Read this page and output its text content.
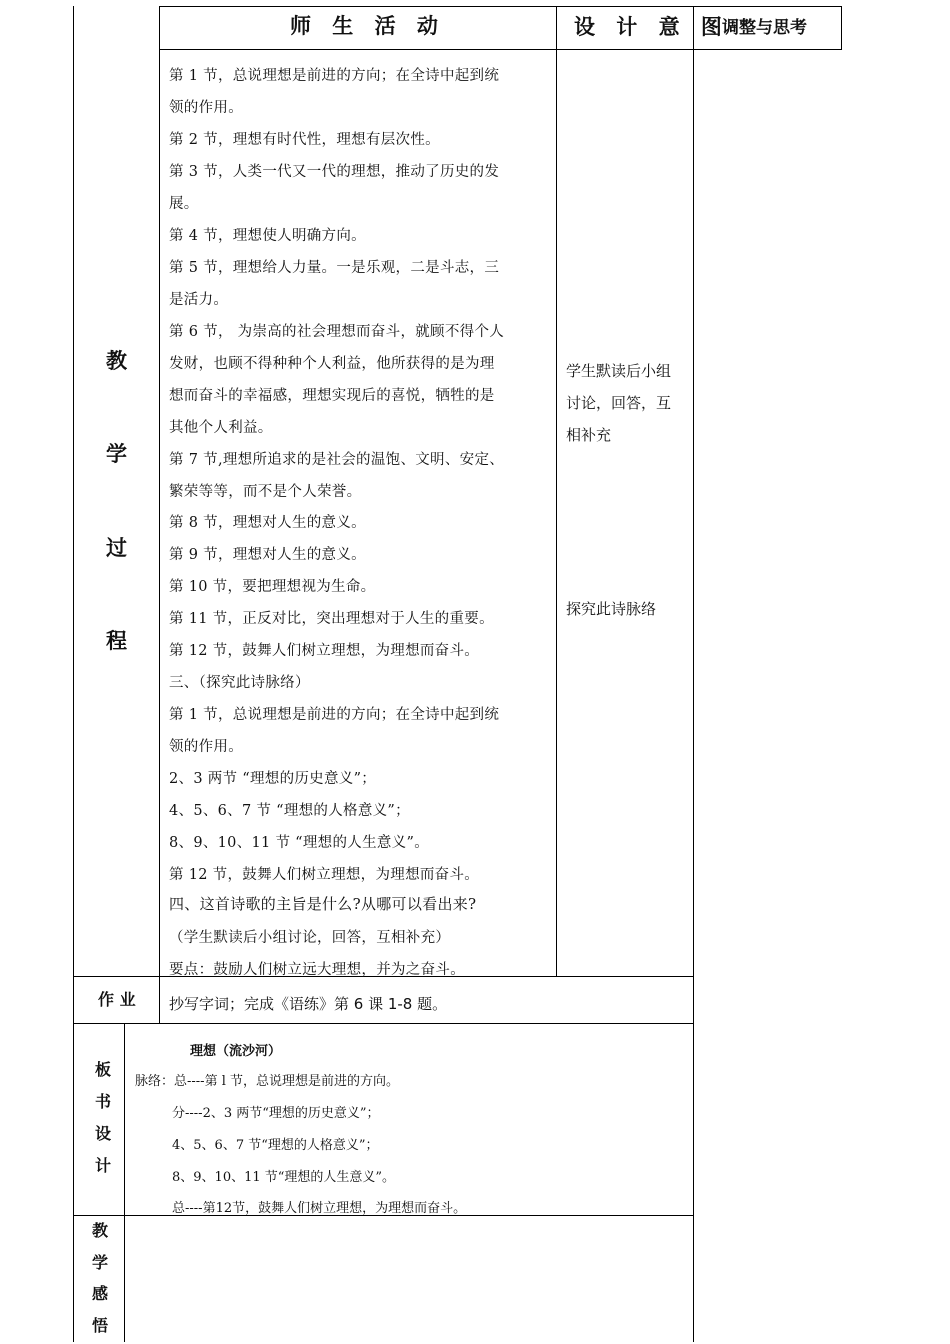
师 生 活 动	设 计 意 图
调整与思考
教
学
过
程
第 1 节，总说理想是前进的方向；在全诗中起到统
领的作用。
第 2 节，理想有时代性，理想有层次性。
第 3 节，人类一代又一代的理想，推动了历史的发
展。
第 4 节，理想使人明确方向。
第 5 节，理想给人力量。一是乐观，二是斗志，三
是活力。
第 6 节， 为崇高的社会理想而奋斗，就顾不得个人
发财，也顾不得种种个人利益，他所获得的是为理
想而奋斗的幸福感，理想实现后的喜悦，牺牲的是
其他个人利益。
第 7 节,理想所追求的是社会的温饱、文明、安定、
繁荣等等，而不是个人荣誉。
第 8 节，理想对人生的意义。
第 9 节，理想对人生的意义。
第 10 节，要把理想视为生命。
第 11 节，正反对比，突出理想对于人生的重要。
第 12 节，鼓舞人们树立理想，为理想而奋斗。
三、（探究此诗脉络）
第 1 节，总说理想是前进的方向；在全诗中起到统
领的作用。
2、3 两节 “理想的历史意义”；
4、5、6、7 节 “理想的人格意义”；
8、9、10、11 节 “理想的人生意义”。
第 12 节，鼓舞人们树立理想，为理想而奋斗。
四、这首诗歌的主旨是什么?从哪可以看出来?
（学生默读后小组讨论，回答，互相补充）
要点：鼓励人们树立远大理想，并为之奋斗。
学生默读后小组
讨论，回答，互
相补充
探究此诗脉络
作 业 抄写字词；完成《语练》第 6 课 1-8 题。
板
书
设
计
理想（流沙河）
脉络：总----第 l 节，总说理想是前进的方向。
分----2、3 两节“理想的历史意义”；
4、5、6、7 节“理想的人格意义”；
8、9、10、11 节“理想的人生意义”。
总----第12节，鼓舞人们树立理想，为理想而奋斗。
教
学
感
悟
